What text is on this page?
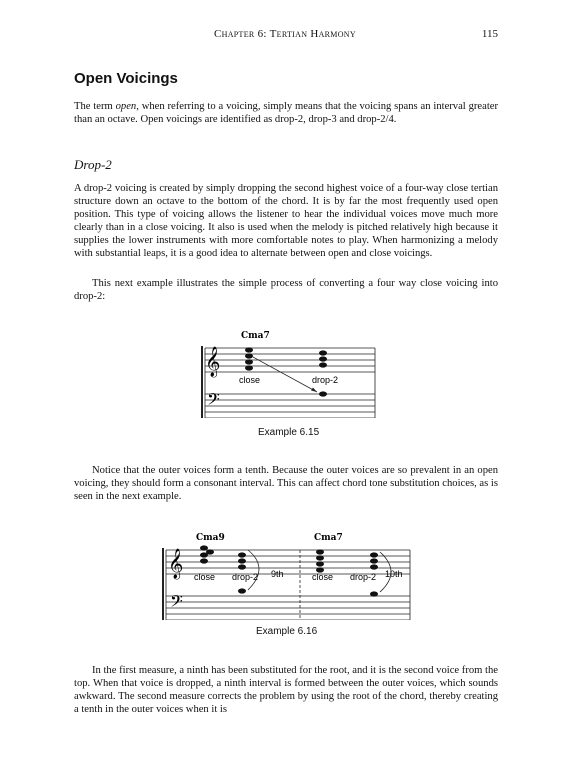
Chapter 6: Tertian Harmony	115
Open Voicings

The term open, when referring to a voicing, simply means that the voicing spans an interval greater than an octave. Open voicings are identified as drop-2, drop-3 and drop-2/4.

Drop-2

A drop-2 voicing is created by simply dropping the second highest voice of a four-way close tertian structure down an octave to the bottom of the chord. It is by far the most frequently used open position. This type of voicing allows the listener to hear the individual voices move much more clearly than in a close voicing. It also is used when the melody is pitched relatively high because it supplies the lower instruments with more comfortable notes to play. When harmonizing a melody with substantial leaps, it is a good idea to alternate between open and close voicings.

This next example illustrates the simple process of converting a four way close voicing into drop-2:

𝄞
𝄢
Cma7
close	drop-2
Example 6.15

Notice that the outer voices form a tenth. Because the outer voices are so prevalent in an open voicing, they should form a consonant interval. This can affect chord tone substitution choices, as is seen in the next example.

𝄞
𝄢
Cma9	Cma7
close drop-2 9th	close drop-2 10th
Example 6.16

In the first measure, a ninth has been substituted for the root, and it is the second voice from the top. When that voice is dropped, a ninth interval is formed between the outer voices, which sounds awkward. The second measure corrects the problem by using the root of the chord, thereby creating a tenth in the outer voices when it is
